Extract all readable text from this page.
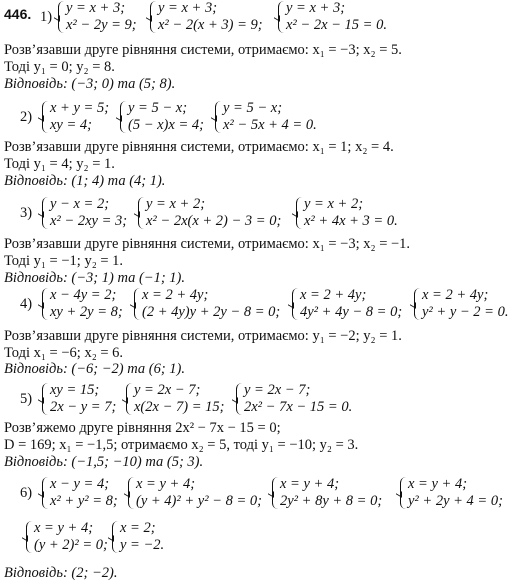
446. 1)
y = x + 3;
x² − 2y = 9;
y = x + 3;
x² − 2(x + 3) = 9;
y = x + 3;
x² − 2x − 15 = 0.
Розв’язавши друге рівняння системи, отримаємо: x₁ = −3; x₂ = 5.
Тоді y₁ = 0; y₂ = 8.
Відповідь: (−3; 0) та (5; 8).
2)
x + y = 5;
xy = 4;
y = 5 − x;
(5 − x)x = 4;
y = 5 − x;
x² − 5x + 4 = 0.
Розв’язавши друге рівняння системи, отримаємо: x₁ = 1; x₂ = 4.
Тоді y₁ = 4; y₂ = 1.
Відповідь: (1; 4) та (4; 1).
3)
y − x = 2;
x² − 2xy = 3;
y = x + 2;
x² − 2x(x + 2) − 3 = 0;
y = x + 2;
x² + 4x + 3 = 0.
Розв’язавши друге рівняння системи, отримаємо: x₁ = −3; x₂ = −1.
Тоді y₁ = −1; y₂ = 1.
Відповідь: (−3; 1) та (−1; 1).
4)
x − 4y = 2;
xy + 2y = 8;
x = 2 + 4y;
(2 + 4y)y + 2y − 8 = 0;
x = 2 + 4y;
4y² + 4y − 8 = 0;
x = 2 + 4y;
y² + y − 2 = 0.
Розв’язавши друге рівняння системи, отримаємо: y₁ = −2; y₂ = 1.
Тоді x₁ = −6; x₂ = 6.
Відповідь: (−6; −2) та (6; 1).
5)
xy = 15;
2x − y = 7;
y = 2x − 7;
x(2x − 7) = 15;
y = 2x − 7;
2x² − 7x − 15 = 0.
Розв’яжемо друге рівняння 2x² − 7x − 15 = 0;
D = 169; x₁ = −1,5; отримаємо x₂ = 5, тоді y₁ = −10; y₂ = 3.
Відповідь: (−1,5; −10) та (5; 3).
6)
x − y = 4;
x² + y² = 8;
x = y + 4;
(y + 4)² + y² − 8 = 0;
x = y + 4;
2y² + 8y + 8 = 0;
x = y + 4;
y² + 2y + 4 = 0;
x = y + 4;
(y + 2)² = 0;
x = 2;
y = −2.
Відповідь: (2; −2).
